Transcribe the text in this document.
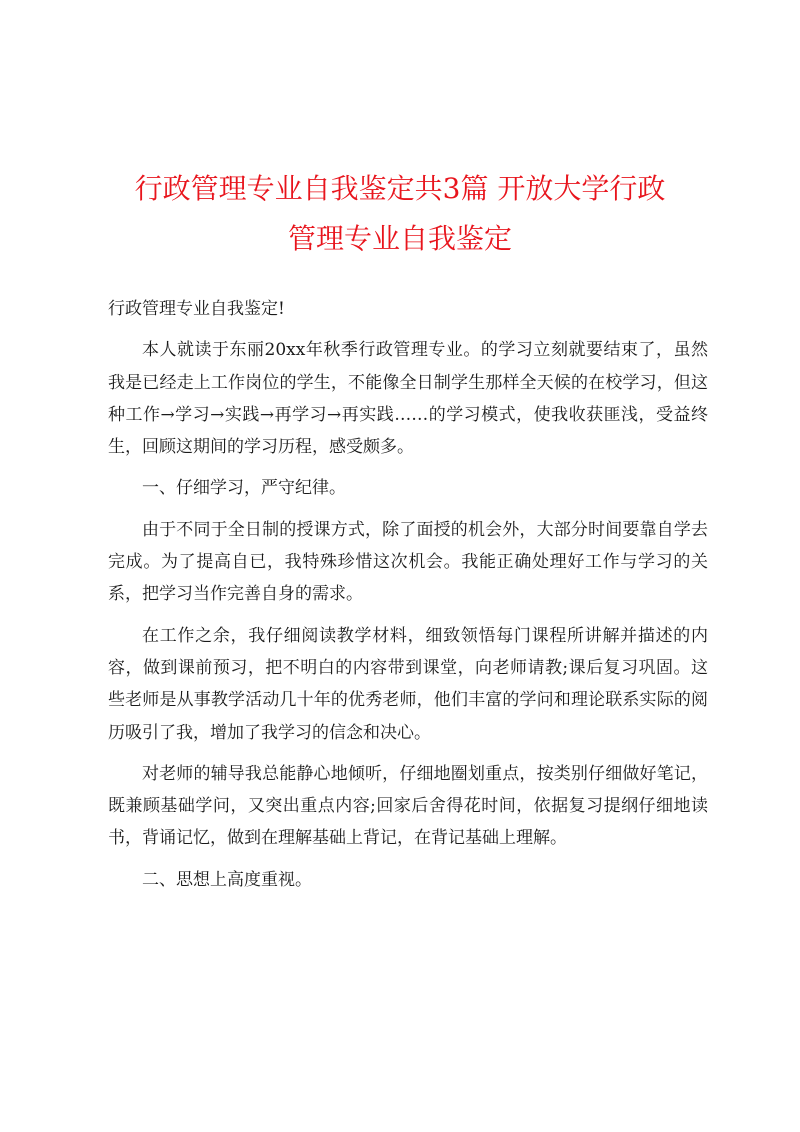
行政管理专业自我鉴定共3篇 开放大学行政
管理专业自我鉴定

行政管理专业自我鉴定!

本人就读于东丽20xx年秋季行政管理专业。的学习立刻就要结束了，虽然我是已经走上工作岗位的学生，不能像全日制学生那样全天候的在校学习，但这种工作→学习→实践→再学习→再实践……的学习模式，使我收获匪浅，受益终生，回顾这期间的学习历程，感受颇多。

一、仔细学习，严守纪律。

由于不同于全日制的授课方式，除了面授的机会外，大部分时间要靠自学去完成。为了提高自已，我特殊珍惜这次机会。我能正确处理好工作与学习的关系，把学习当作完善自身的需求。

在工作之余，我仔细阅读教学材料，细致领悟每门课程所讲解并描述的内容，做到课前预习，把不明白的内容带到课堂，向老师请教;课后复习巩固。这些老师是从事教学活动几十年的优秀老师，他们丰富的学问和理论联系实际的阅历吸引了我，增加了我学习的信念和决心。

对老师的辅导我总能静心地倾听，仔细地圈划重点，按类别仔细做好笔记，既兼顾基础学问，又突出重点内容;回家后舍得花时间，依据复习提纲仔细地读书，背诵记忆，做到在理解基础上背记，在背记基础上理解。

二、思想上高度重视。
